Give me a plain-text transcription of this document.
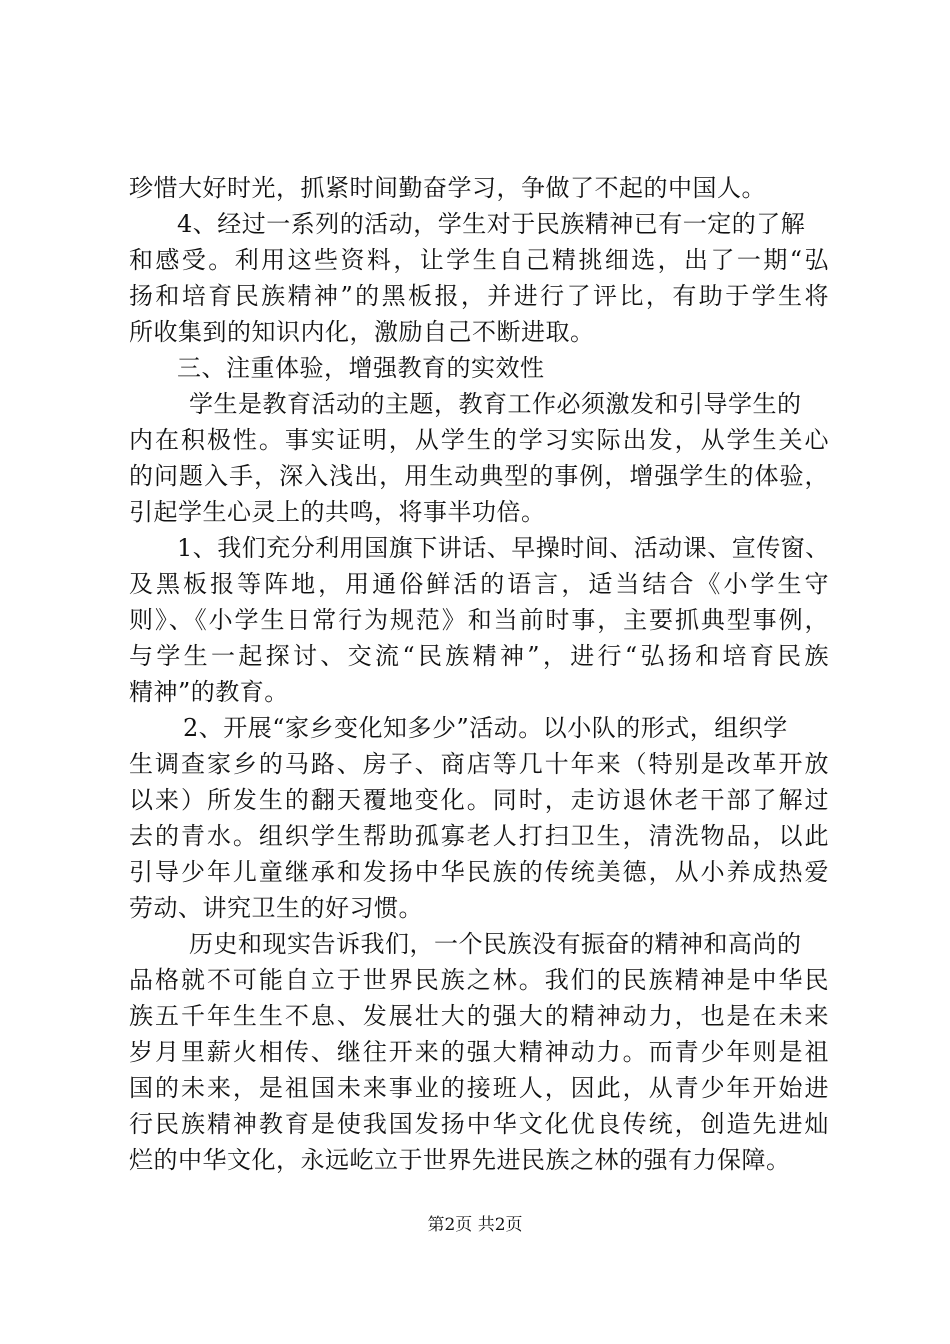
珍惜大好时光，抓紧时间勤奋学习，争做了不起的中国人。
4、经过一系列的活动，学生对于民族精神已有一定的了解
和感受。利用这些资料，让学生自己精挑细选，出了一期“弘
扬和培育民族精神”的黑板报，并进行了评比，有助于学生将
所收集到的知识内化，激励自己不断进取。
三、注重体验，增强教育的实效性
学生是教育活动的主题，教育工作必须激发和引导学生的
内在积极性。事实证明，从学生的学习实际出发，从学生关心
的问题入手，深入浅出，用生动典型的事例，增强学生的体验，
引起学生心灵上的共鸣，将事半功倍。
1、我们充分利用国旗下讲话、早操时间、活动课、宣传窗、
及黑板报等阵地，用通俗鲜活的语言，适当结合《小学生守
则》、《小学生日常行为规范》和当前时事，主要抓典型事例，
与学生一起探讨、交流“民族精神”，进行“弘扬和培育民族
精神”的教育。
2、开展“家乡变化知多少”活动。以小队的形式，组织学
生调查家乡的马路、房子、商店等几十年来（特别是改革开放
以来）所发生的翻天覆地变化。同时，走访退休老干部了解过
去的青水。组织学生帮助孤寡老人打扫卫生，清洗物品，以此
引导少年儿童继承和发扬中华民族的传统美德，从小养成热爱
劳动、讲究卫生的好习惯。
历史和现实告诉我们，一个民族没有振奋的精神和高尚的
品格就不可能自立于世界民族之林。我们的民族精神是中华民
族五千年生生不息、发展壮大的强大的精神动力，也是在未来
岁月里薪火相传、继往开来的强大精神动力。而青少年则是祖
国的未来，是祖国未来事业的接班人，因此，从青少年开始进
行民族精神教育是使我国发扬中华文化优良传统，创造先进灿
烂的中华文化，永远屹立于世界先进民族之林的强有力保障。
第2页 共2页
